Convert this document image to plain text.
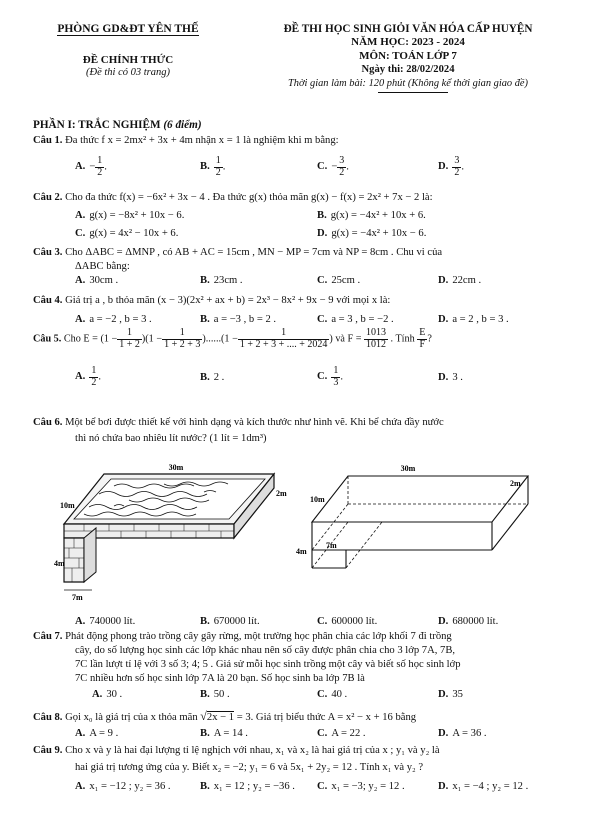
PHÒNG GD&ĐT YÊN THẾ
ĐỀ CHÍNH THỨC
(Đề thi có 03 trang)
ĐỀ THI HỌC SINH GIỎI VĂN HÓA CẤP HUYỆN
NĂM HỌC: 2023 - 2024
MÔN: TOÁN LỚP 7
Ngày thi: 28/02/2024
Thời gian làm bài: 120 phút (Không kể thời gian giao đề)
PHẦN I: TRẮC NGHIỆM (6 điểm)
Câu 1. Đa thức f x = 2mx² + 3x + 4m nhận x = 1 là nghiệm khi m bằng:
A. − $\frac{1}{2}$ .	B. $\frac{1}{2}$ .	C. − $\frac{3}{2}$ .	D. $\frac{3}{2}$ .
Câu 2. Cho đa thức f(x) = −6x² + 3x − 4 . Đa thức g(x) thỏa mãn g(x) − f(x) = 2x² + 7x − 2 là:
A. g(x) = −8x² + 10x − 6.	B. g(x) = −4x² + 10x + 6.
C. g(x) = 4x² − 10x + 6.	D. g(x) = −4x² + 10x − 6.
Câu 3. Cho ΔABC = ΔMNP , có AB + AC = 15cm , MN − MP = 7cm và NP = 8cm . Chu vi của
ΔABC bằng:
A. 30cm .	B. 23cm .	C. 25cm .	D. 22cm .
Câu 4. Giá trị a , b thỏa mãn (x − 3)(2x² + ax + b) = 2x³ − 8x² + 9x − 9 với mọi x là:
A. a = −2 , b = 3 .	B. a = −3 , b = 2 .	C. a = 3 , b = −2 .	D. a = 2 , b = 3 .
Câu 5. Cho $E = (1 - \frac{1}{1 + 2} )(1 - \frac{1}{1 + 2 + 3} )......(1 - \frac{1}{1 + 2 + 3 + .... + 2024}$ ) và $F = \frac{1013}{1012}$ . Tính $\frac{E}{F}$ ?
A. $\frac{1}{2}$ .	B. 2 .	C. $\frac{1}{3}$ .	D. 3 .
Câu 6. Một bể bơi được thiết kế với hình dạng và kích thước như hình vẽ. Khi bể chứa đầy nước
thì nó chứa bao nhiêu lít nước? (1 lít = 1dm³)
30m
2m
10m
4m
7m
30m
2m
10m
4m
7m
A. 740000 lít.	B. 670000 lít.	C. 600000 lít.	D. 680000 lít.
Câu 7. Phát động phong trào trồng cây gây rừng, một trường học phân chia các lớp khối 7 đi trồng
cây, do số lượng học sinh các lớp khác nhau nên số cây được phân chia cho 3 lớp 7A, 7B,
7C lần lượt tỉ lệ với 3 số 3; 4; 5 . Giả sử mỗi học sinh trồng một cây và biết số học sinh lớp
7C nhiều hơn số học sinh lớp 7A là 20 bạn. Số học sinh ba lớp 7B là
A. 30 .	B. 50 .	C. 40 .	D. 35
Câu 8. Gọi x₀ là giá trị của x thỏa mãn √2x − 1 = 3. Giá trị biểu thức A = x² − x + 16 bằng
A. A = 9 .	B. A = 14 .	C. A = 22 .	D. A = 36 .
Câu 9. Cho x và y là hai đại lượng tỉ lệ nghịch với nhau, x₁ và x₂ là hai giá trị của x ; y₁ và y₂ là
hai giá trị tương ứng của y. Biết x₂ = −2; y₁ = 6 và 5x₁ + 2y₂ = 12 . Tính x₁ và y₂ ?
A. x₁ = −12 ; y₂ = 36 .	B. x₁ = 12 ; y₂ = −36 . C. x₁ = −3; y₂ = 12 .	D. x₁ = −4 ; y₂ = 12 .
